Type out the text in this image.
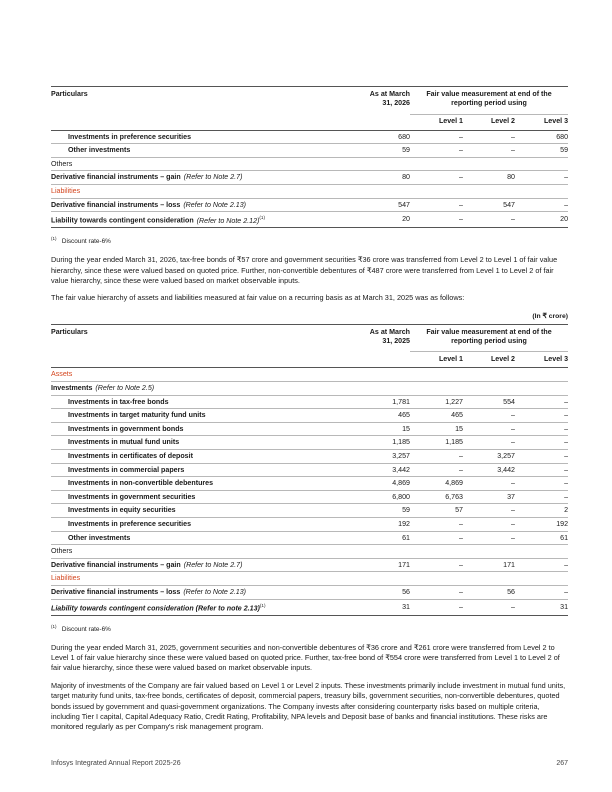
Particulars	As at March 31, 2026	Fair value measurement at end of the reporting period using		

		Level 1	Level 2	Level 3
Investments in preference securities	680	–	–	680
Other investments	59	–	–	59
Others				
Derivative financial instruments – gain (Refer to Note 2.7)	80	–	80	–
Liabilities				
Derivative financial instruments – loss (Refer to Note 2.13)	547	–	547	–
Liability towards contingent consideration (Refer to Note 2.12)$^{(1)}$	20	–	–	20
$^{(1)}$ Discount rate-6%

During the year ended March 31, 2026, tax-free bonds of ₹57 crore and government securities ₹36 crore was transferred from Level 2 to Level 1 of fair value hierarchy, since these were valued based on quoted price. Further, non-convertible debentures of ₹487 crore were transferred from Level 1 to Level 2 of fair value hierarchy, since these were valued based on market observable inputs.

The fair value hierarchy of assets and liabilities measured at fair value on a recurring basis as at March 31, 2025 was as follows:

(In ₹ crore)
Particulars	As at March 31, 2025	Fair value measurement at end of the reporting period using		

		Level 1	Level 2	Level 3
Assets				
Investments (Refer to Note 2.5)				
Investments in tax-free bonds	1,781	1,227	554	–
Investments in target maturity fund units	465	465	–	–
Investments in government bonds	15	15	–	–
Investments in mutual fund units	1,185	1,185	–	–
Investments in certificates of deposit	3,257	–	3,257	–
Investments in commercial papers	3,442	–	3,442	–
Investments in non-convertible debentures	4,869	4,869	–	–
Investments in government securities	6,800	6,763	37	–
Investments in equity securities	59	57	–	2
Investments in preference securities	192	–	–	192
Other investments	61	–	–	61
Others				
Derivative financial instruments – gain (Refer to Note 2.7)	171	–	171	–
Liabilities				
Derivative financial instruments – loss (Refer to Note 2.13)	56	–	56	–
Liability towards contingent consideration (Refer to note 2.13)$^{(1)}$	31	–	–	31
$^{(1)}$ Discount rate-6%

During the year ended March 31, 2025, government securities and non-convertible debentures of ₹36 crore and ₹261 crore were transferred from Level 2 to Level 1 of fair value hierarchy since these were valued based on quoted price. Further, tax-free bond of ₹554 crore were transferred from Level 1 to Level 2 of fair value hierarchy, since these were valued based on market observable inputs.

Majority of investments of the Company are fair valued based on Level 1 or Level 2 inputs. These investments primarily include investment in mutual fund units, target maturity fund units, tax-free bonds, certificates of deposit, commercial papers, treasury bills, government securities, non-convertible debentures, quoted bonds issued by government and quasi-government organizations. The Company invests after considering counterparty risks based on multiple criteria, including Tier I capital, Capital Adequacy Ratio, Credit Rating, Profitability, NPA levels and Deposit base of banks and financial institutions. These risks are monitored regularly as per Company's risk management program.

Infosys Integrated Annual Report 2025-26	267
